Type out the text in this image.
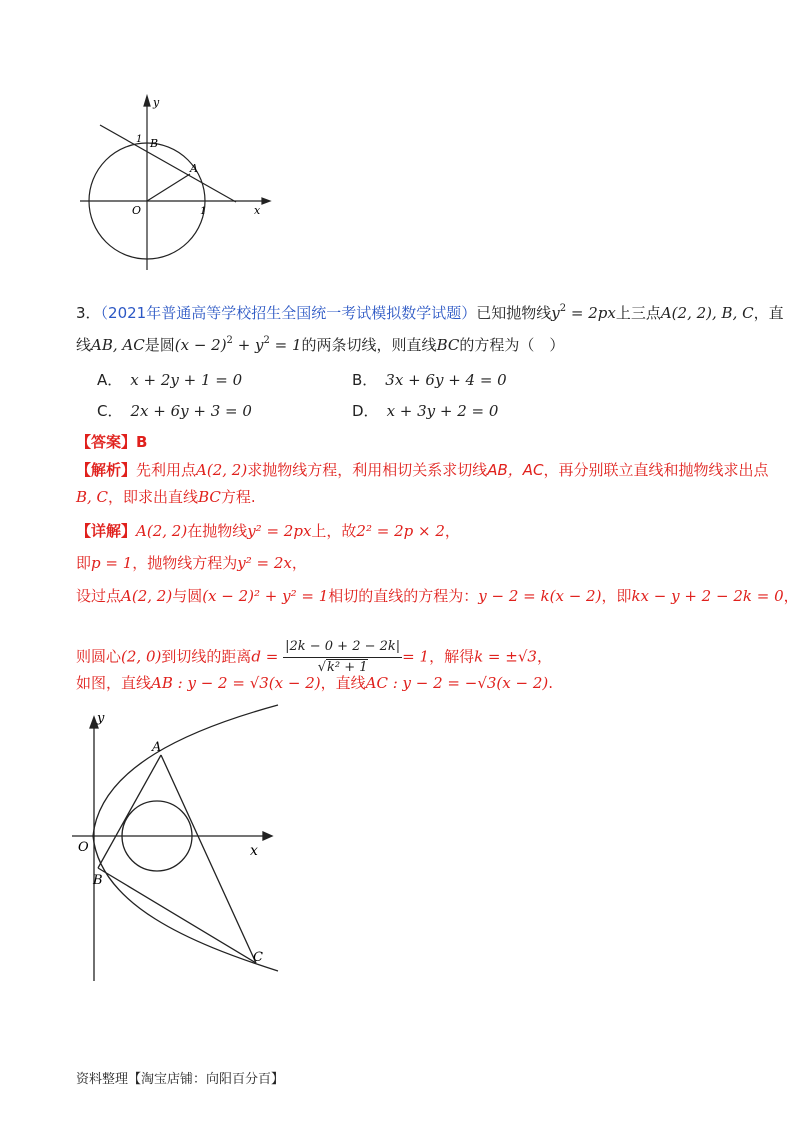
y
x
O
B
A
1
1
3．（2021年普通高等学校招生全国统一考试模拟数学试题）已知抛物线$y^2 = 2px$上三点A(2, 2), B, C，直
线AB, AC是圆$(x - 2)^2 + y^2 = 1$的两条切线，则直线BC的方程为（　）
A． x + 2y + 1 = 0	B． 3x + 6y + 4 = 0
C． 2x + 6y + 3 = 0	D． x + 3y + 2 = 0
【答案】B
【解析】先利用点A(2, 2)求抛物线方程，利用相切关系求切线AB，AC，再分别联立直线和抛物线求出点
B, C，即求出直线BC方程.
【详解】A(2, 2)在抛物线y² = 2px上，故2² = 2p × 2，
即p = 1，抛物线方程为y² = 2x，
设过点A(2, 2)与圆(x − 2)² + y² = 1相切的直线的方程为：y − 2 = k(x − 2)，即kx − y + 2 − 2k = 0，
则圆心(2, 0)到切线的距离$d = \frac{|2k - 0 + 2 - 2k|}{\text{√k² + 1}} = 1$，解得k = ±√3，
如图，直线AB : y − 2 = √3(x − 2)，直线AC : y − 2 = −√3(x − 2).
y
x
O
A
B
C
资料整理【淘宝店铺：向阳百分百】
